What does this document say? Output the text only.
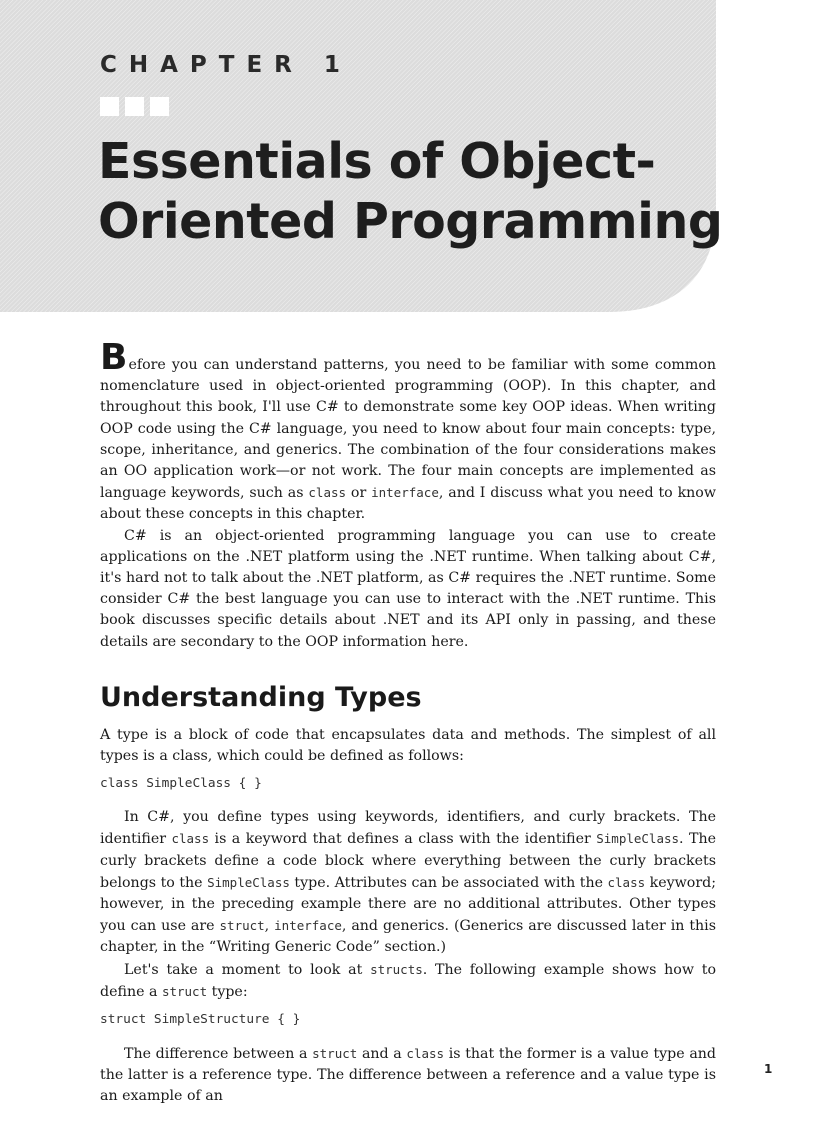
CHAPTER 1
Essentials of Object-Oriented Programming

Before you can understand patterns, you need to be familiar with some common nomenclature used in object-oriented programming (OOP). In this chapter, and throughout this book, I'll use C# to demonstrate some key OOP ideas. When writing OOP code using the C# language, you need to know about four main concepts: type, scope, inheritance, and generics. The combination of the four considerations makes an OO application work—or not work. The four main concepts are implemented as language keywords, such as class or interface, and I discuss what you need to know about these concepts in this chapter.

C# is an object-oriented programming language you can use to create applications on the .NET platform using the .NET runtime. When talking about C#, it's hard not to talk about the .NET platform, as C# requires the .NET runtime. Some consider C# the best language you can use to interact with the .NET runtime. This book discusses specific details about .NET and its API only in passing, and these details are secondary to the OOP information here.

Understanding Types

A type is a block of code that encapsulates data and methods. The simplest of all types is a class, which could be defined as follows:

class SimpleClass { }

In C#, you define types using keywords, identifiers, and curly brackets. The identifier class is a keyword that defines a class with the identifier SimpleClass. The curly brackets define a code block where everything between the curly brackets belongs to the SimpleClass type. Attributes can be associated with the class keyword; however, in the preceding example there are no additional attributes. Other types you can use are struct, interface, and generics. (Generics are discussed later in this chapter, in the “Writing Generic Code” section.)

Let's take a moment to look at structs. The following example shows how to define a struct type:

struct SimpleStructure { }

The difference between a struct and a class is that the former is a value type and the latter is a reference type. The difference between a reference and a value type is an example of an

1
